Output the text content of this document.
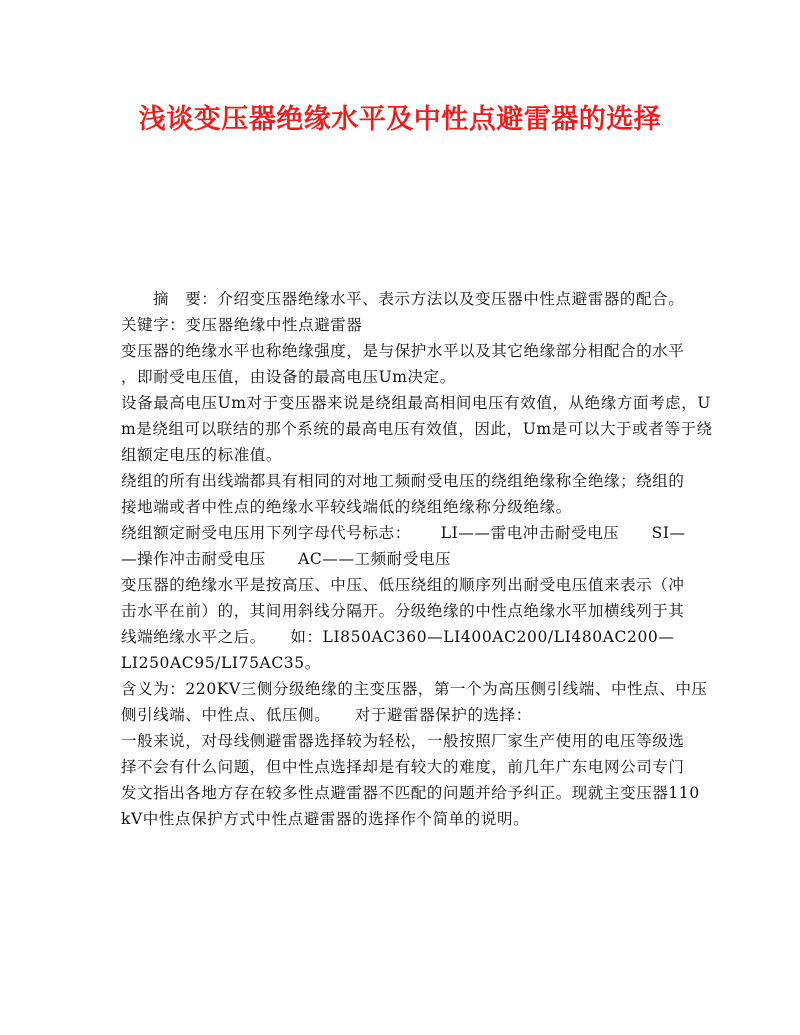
浅谈变压器绝缘水平及中性点避雷器的选择
摘　要：介绍变压器绝缘水平、表示方法以及变压器中性点避雷器的配合。
关键字：变压器绝缘中性点避雷器
变压器的绝缘水平也称绝缘强度，是与保护水平以及其它绝缘部分相配合的水平
，即耐受电压值，由设备的最高电压Um决定。
设备最高电压Um对于变压器来说是绕组最高相间电压有效值，从绝缘方面考虑，U
m是绕组可以联结的那个系统的最高电压有效值，因此，Um是可以大于或者等于绕
组额定电压的标准值。
绕组的所有出线端都具有相同的对地工频耐受电压的绕组绝缘称全绝缘；绕组的
接地端或者中性点的绝缘水平较线端低的绕组绝缘称分级绝缘。
绕组额定耐受电压用下列字母代号标志：　　 LI——雷电冲击耐受电压　　SI—
—操作冲击耐受电压　　AC——工频耐受电压
变压器的绝缘水平是按高压、中压、低压绕组的顺序列出耐受电压值来表示（冲
击水平在前）的，其间用斜线分隔开。分级绝缘的中性点绝缘水平加横线列于其
线端绝缘水平之后。　　如：LI850AC360—LI400AC200/LI480AC200—
LI250AC95/LI75AC35。
含义为：220KV三侧分级绝缘的主变压器，第一个为高压侧引线端、中性点、中压
侧引线端、中性点、低压侧。　　对于避雷器保护的选择：
一般来说，对母线侧避雷器选择较为轻松，一般按照厂家生产使用的电压等级选
择不会有什么问题，但中性点选择却是有较大的难度，前几年广东电网公司专门
发文指出各地方存在较多性点避雷器不匹配的问题并给予纠正。现就主变压器110
kV中性点保护方式中性点避雷器的选择作个简单的说明。
